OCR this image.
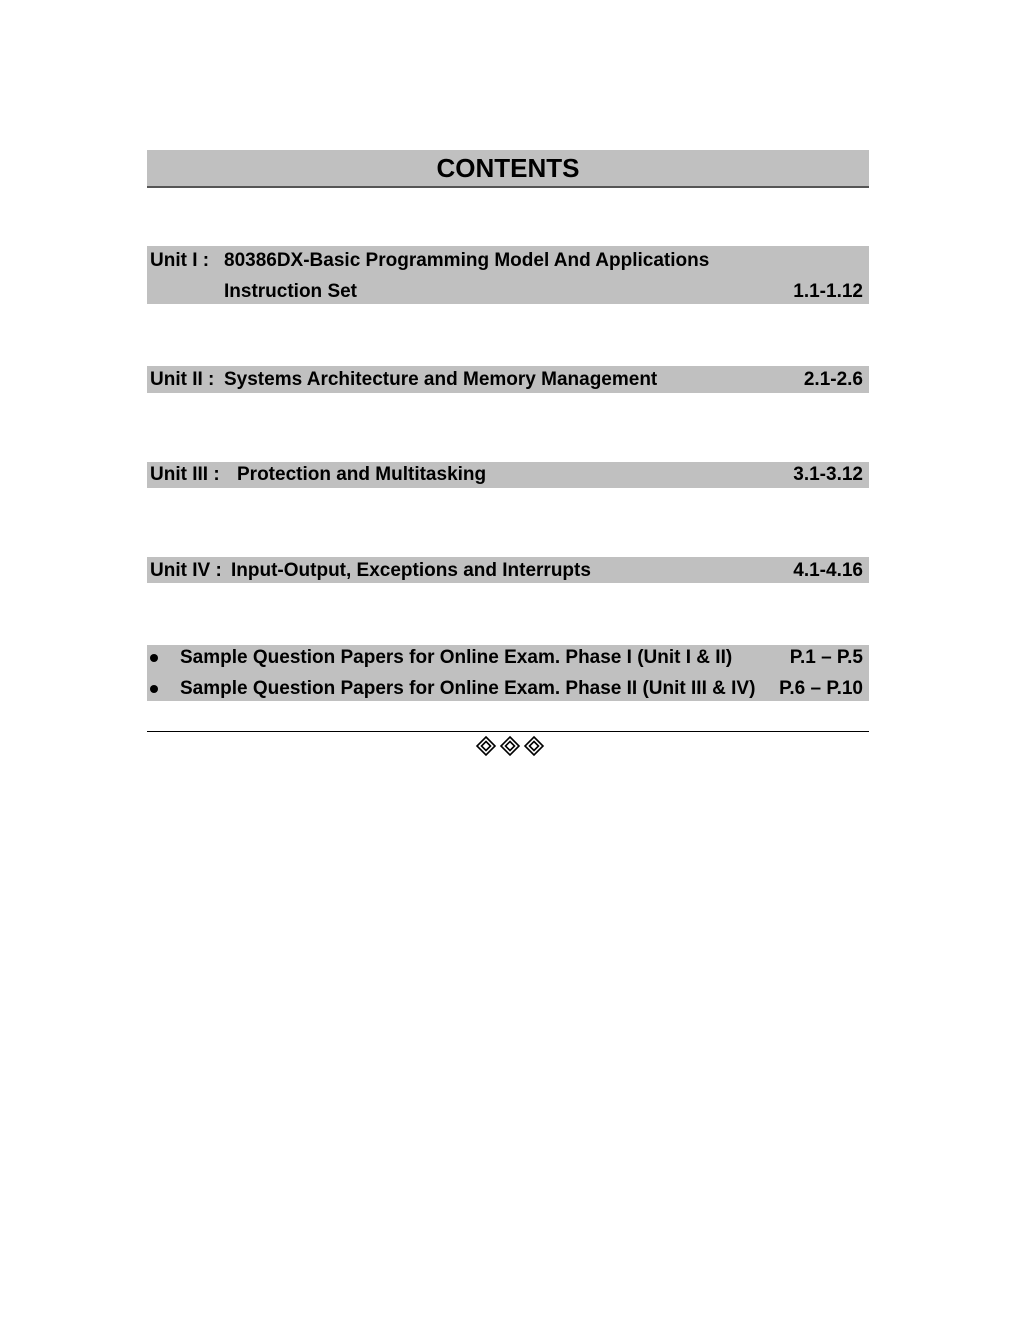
CONTENTS
Unit I : 80386DX-Basic Programming Model And Applications
Instruction Set	1.1-1.12
Unit II : Systems Architecture and Memory Management	2.1-2.6
Unit III : Protection and Multitasking	3.1-3.12
Unit IV : Input-Output, Exceptions and Interrupts	4.1-4.16
Sample Question Papers for Online Exam. Phase I (Unit I & II)	P.1 – P.5
Sample Question Papers for Online Exam. Phase II (Unit III & IV) P.6 – P.10
